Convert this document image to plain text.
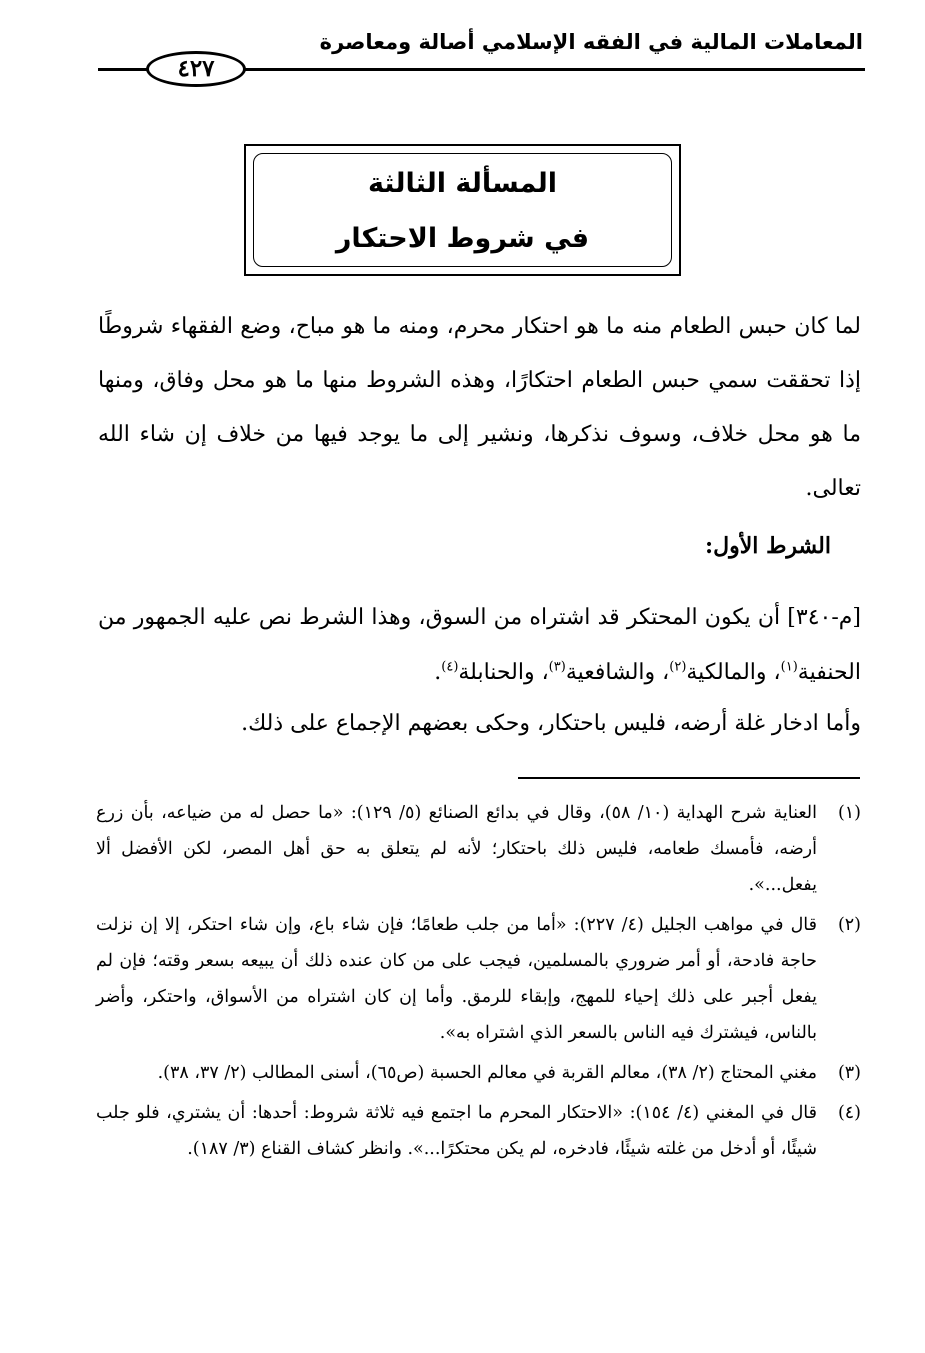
المعاملات المالية في الفقه الإسلامي أصالة ومعاصرة
٤٢٧
المسألة الثالثة
في شروط الاحتكار

لما كان حبس الطعام منه ما هو احتكار محرم، ومنه ما هو مباح، وضع الفقهاء شروطًا إذا تحققت سمي حبس الطعام احتكارًا، وهذه الشروط منها ما هو محل وفاق، ومنها ما هو محل خلاف، وسوف نذكرها، ونشير إلى ما يوجد فيها من خلاف إن شاء الله تعالى.

الشرط الأول:

[م-٣٤٠] أن يكون المحتكر قد اشتراه من السوق، وهذا الشرط نص عليه الجمهور من الحنفية$^{(١)}$، والمالكية$^{(٢)}$، والشافعية$^{(٣)}$، والحنابلة$^{(٤)}$.

وأما ادخار غلة أرضه، فليس باحتكار، وحكى بعضهم الإجماع على ذلك.

(١)
العناية شرح الهداية (١٠/ ٥٨)، وقال في بدائع الصنائع (٥/ ١٢٩): «ما حصل له من ضياعه، بأن زرع أرضه، فأمسك طعامه، فليس ذلك باحتكار؛ لأنه لم يتعلق به حق أهل المصر، لكن الأفضل ألا يفعل...».
(٢)
قال في مواهب الجليل (٤/ ٢٢٧): «أما من جلب طعامًا؛ فإن شاء باع، وإن شاء احتكر، إلا إن نزلت حاجة فادحة، أو أمر ضروري بالمسلمين، فيجب على من كان عنده ذلك أن يبيعه بسعر وقته؛ فإن لم يفعل أجبر على ذلك إحياء للمهج، وإبقاء للرمق. وأما إن كان اشتراه من الأسواق، واحتكر، وأضر بالناس، فيشترك فيه الناس بالسعر الذي اشتراه به».
(٣)
مغني المحتاج (٢/ ٣٨)، معالم القربة في معالم الحسبة (ص٦٥)، أسنى المطالب (٢/ ٣٧، ٣٨).
(٤)
قال في المغني (٤/ ١٥٤): «الاحتكار المحرم ما اجتمع فيه ثلاثة شروط: أحدها: أن يشتري، فلو جلب شيئًا، أو أدخل من غلته شيئًا، فادخره، لم يكن محتكرًا...». وانظر كشاف القناع (٣/ ١٨٧).
